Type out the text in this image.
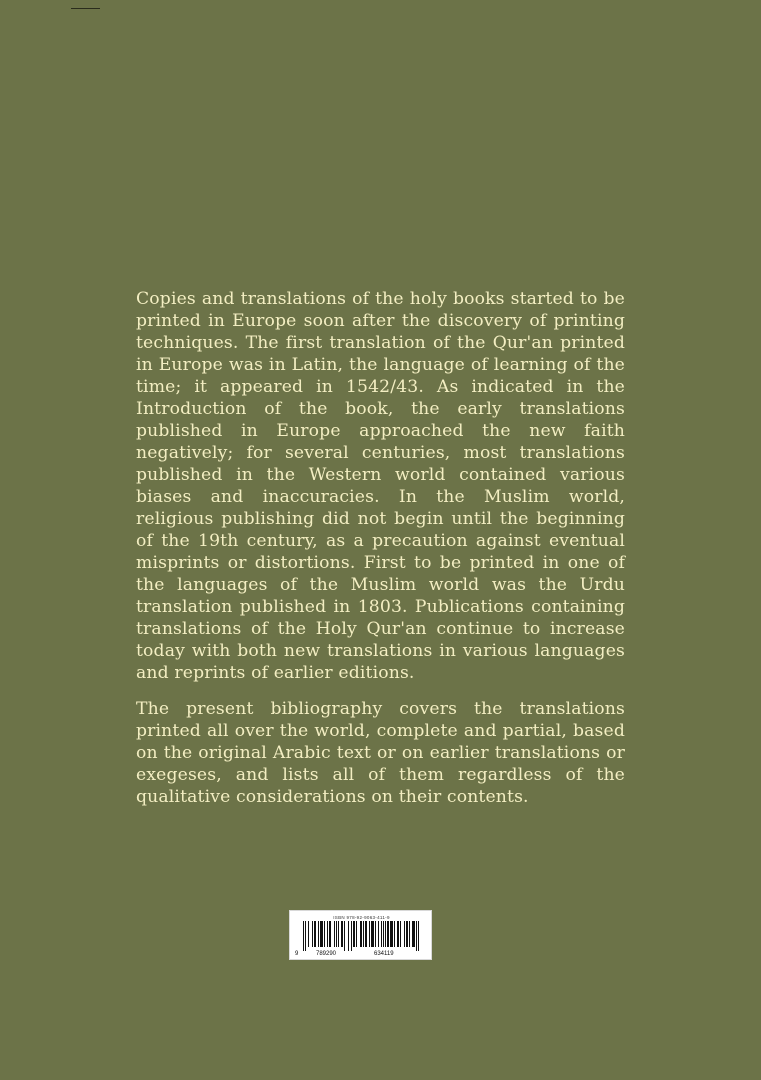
Copies and translations of the holy books started to be printed in Europe soon after the discovery of printing techniques. The first translation of the Qur'an printed in Europe was in Latin, the language of learning of the time; it appeared in 1542/43. As indicated in the Introduction of the book, the early translations published in Europe approached the new faith negatively; for several centuries, most translations published in the Western world contained various biases and inaccuracies. In the Muslim world, religious publishing did not begin until the beginning of the 19th century, as a precaution against eventual misprints or distortions. First to be printed in one of the languages of the Muslim world was the Urdu translation published in 1803. Publications containing translations of the Holy Qur'an continue to increase today with both new translations in various languages and reprints of earlier editions.

The present bibliography covers the translations printed all over the world, complete and partial, based on the original Arabic text or on earlier translations or exegeses, and lists all of them regardless of the qualitative considerations on their contents.

ISBN 978-92-9063-411-9
9	789290	634119
